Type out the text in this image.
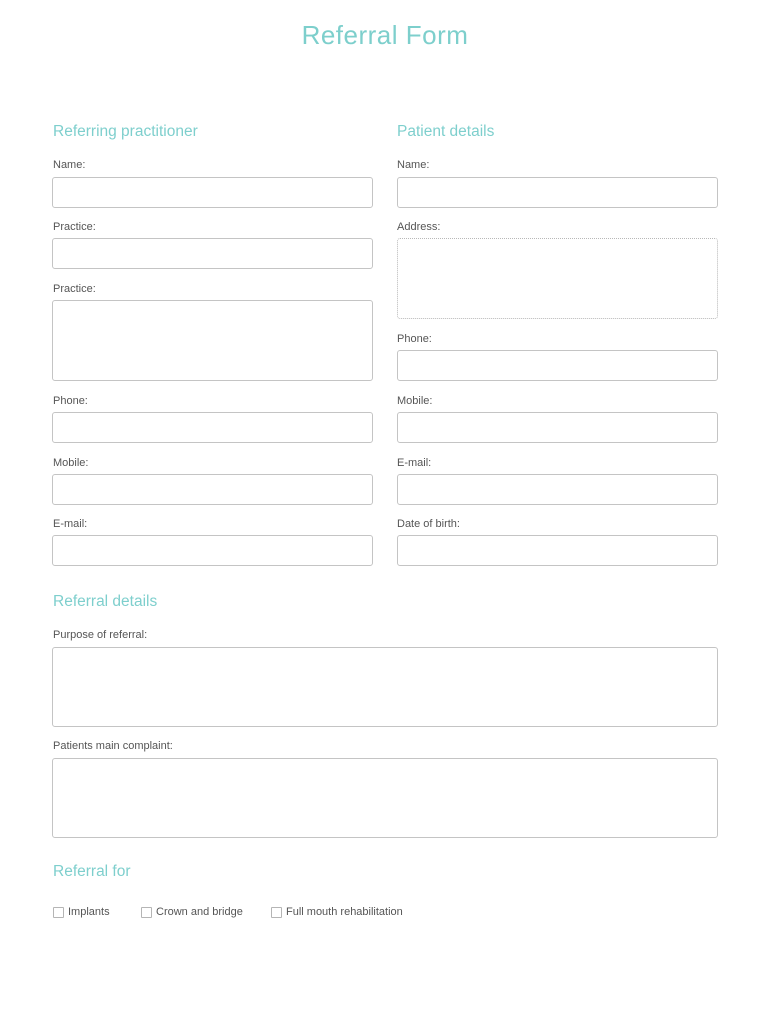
Referral Form
Referring practitioner
Name:
Practice:
Practice:
Phone:
Mobile:
E-mail:
Patient details
Name:
Address:
Phone:
Mobile:
E-mail:
Date of birth:
Referral details
Purpose of referral:
Patients main complaint:
Referral for
Implants	Crown and bridge	Full mouth rehabilitation
